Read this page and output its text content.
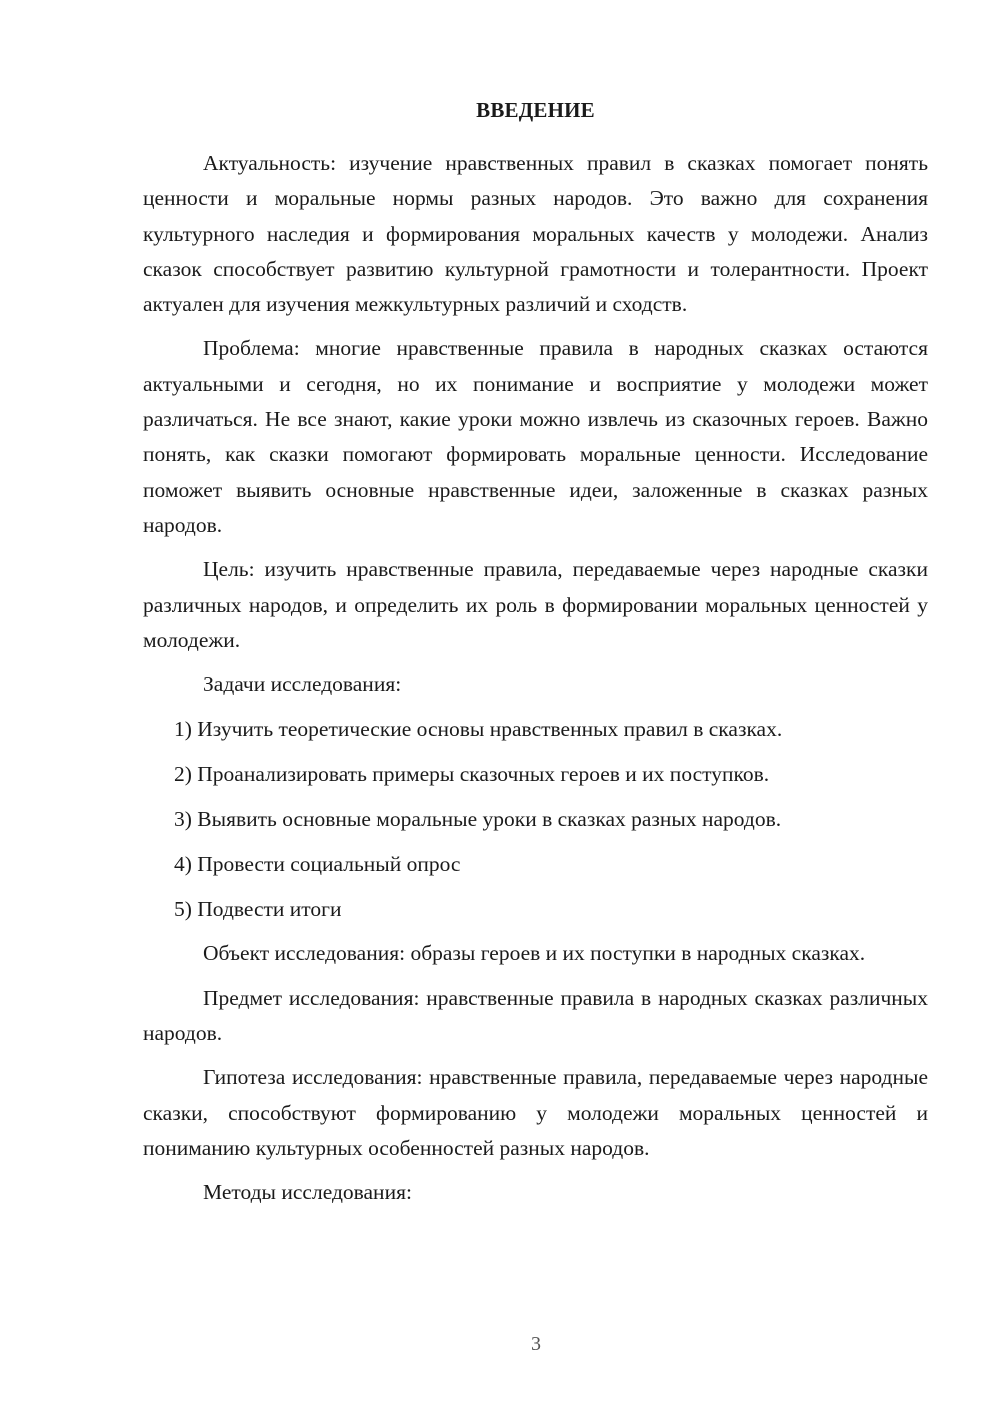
ВВЕДЕНИЕ

Актуальность: изучение нравственных правил в сказках помогает понять ценности и моральные нормы разных народов. Это важно для сохранения культурного наследия и формирования моральных качеств у молодежи. Анализ сказок способствует развитию культурной грамотности и толерантности. Проект актуален для изучения межкультурных различий и сходств.

Проблема: многие нравственные правила в народных сказках остаются актуальными и сегодня, но их понимание и восприятие у молодежи может различаться. Не все знают, какие уроки можно извлечь из сказочных героев. Важно понять, как сказки помогают формировать моральные ценности. Исследование поможет выявить основные нравственные идеи, заложенные в сказках разных народов.

Цель: изучить нравственные правила, передаваемые через народные сказки различных народов, и определить их роль в формировании моральных ценностей у молодежи.

Задачи исследования:

1) Изучить теоретические основы нравственных правил в сказках.
2) Проанализировать примеры сказочных героев и их поступков.
3) Выявить основные моральные уроки в сказках разных народов.
4) Провести социальный опрос
5) Подвести итоги

Объект исследования: образы героев и их поступки в народных сказках.

Предмет исследования: нравственные правила в народных сказках различных народов.

Гипотеза исследования: нравственные правила, передаваемые через народные сказки, способствуют формированию у молодежи моральных ценностей и пониманию культурных особенностей разных народов.

Методы исследования:

3
